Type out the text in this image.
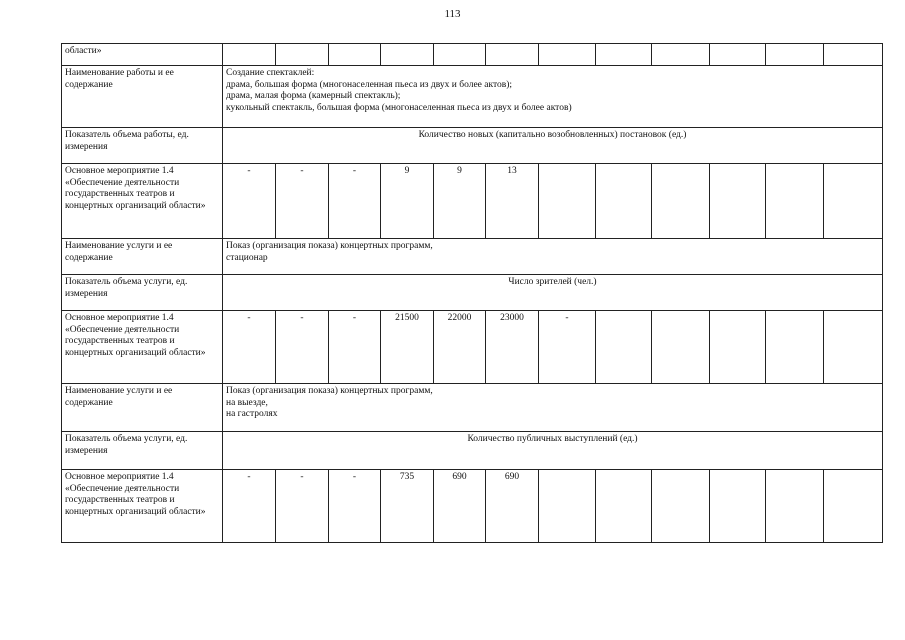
113
области»												
Наименование работы и ее содержание	Создание спектаклей:
драма, большая форма (многонаселенная пьеса из двух и более актов);
драма, малая форма (камерный спектакль);
кукольный спектакль, большая форма (многонаселенная пьеса из двух и более актов)											

Показатель объема работы, ед. измерения	Количество новых (капитально возобновленных) постановок (ед.)											
Основное мероприятие 1.4 «Обеспечение деятельности государственных театров и концертных организаций области»	-	-	-	9	9	13						
Наименование услуги и ее содержание	Показ (организация показа) концертных программ,
стационар											

Показатель объема услуги, ед. измерения	Число зрителей (чел.)											
Основное мероприятие 1.4 «Обеспечение деятельности государственных театров и концертных организаций области»	-	-	-	21500	22000	23000	-					
Наименование услуги и ее содержание	Показ (организация показа) концертных программ,
на выезде,
на гастролях											

Показатель объема услуги, ед. измерения	Количество публичных выступлений (ед.)											
Основное мероприятие 1.4 «Обеспечение деятельности государственных театров и концертных организаций области»	-	-	-	735	690	690						
